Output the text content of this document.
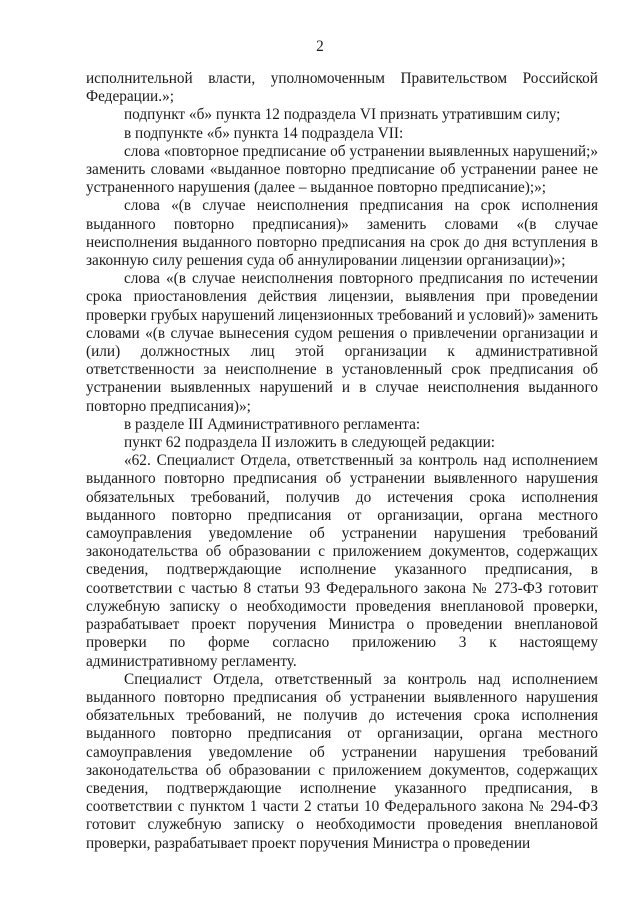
2

исполнительной власти, уполномоченным Правительством Российской Федерации.»;

подпункт «б» пункта 12 подраздела VI признать утратившим силу;

в подпункте «б» пункта 14 подраздела VII:

слова «повторное предписание об устранении выявленных нарушений;» заменить словами «выданное повторно предписание об устранении ранее не устраненного нарушения (далее – выданное повторно предписание);»;

слова «(в случае неисполнения предписания на срок исполнения выданного повторно предписания)» заменить словами «(в случае неисполнения выданного повторно предписания на срок до дня вступления в законную силу решения суда об аннулировании лицензии организации)»;

слова «(в случае неисполнения повторного предписания по истечении срока приостановления действия лицензии, выявления при проведении проверки грубых нарушений лицензионных требований и условий)» заменить словами «(в случае вынесения судом решения о привлечении организации и (или) должностных лиц этой организации к административной ответственности за неисполнение в установленный срок предписания об устранении выявленных нарушений и в случае неисполнения выданного повторно предписания)»;

в разделе III Административного регламента:

пункт 62 подраздела II изложить в следующей редакции:

«62. Специалист Отдела, ответственный за контроль над исполнением выданного повторно предписания об устранении выявленного нарушения обязательных требований, получив до истечения срока исполнения выданного повторно предписания от организации, органа местного самоуправления уведомление об устранении нарушения требований законодательства об образовании с приложением документов, содержащих сведения, подтверждающие исполнение указанного предписания, в соответствии с частью 8 статьи 93 Федерального закона № 273-ФЗ готовит служебную записку о необходимости проведения внеплановой проверки, разрабатывает проект поручения Министра о проведении внеплановой проверки по форме согласно приложению 3 к настоящему административному регламенту.

Специалист Отдела, ответственный за контроль над исполнением выданного повторно предписания об устранении выявленного нарушения обязательных требований, не получив до истечения срока исполнения выданного повторно предписания от организации, органа местного самоуправления уведомление об устранении нарушения требований законодательства об образовании с приложением документов, содержащих сведения, подтверждающие исполнение указанного предписания, в соответствии с пунктом 1 части 2 статьи 10 Федерального закона № 294-ФЗ готовит служебную записку о необходимости проведения внеплановой проверки, разрабатывает проект поручения Министра о проведении
